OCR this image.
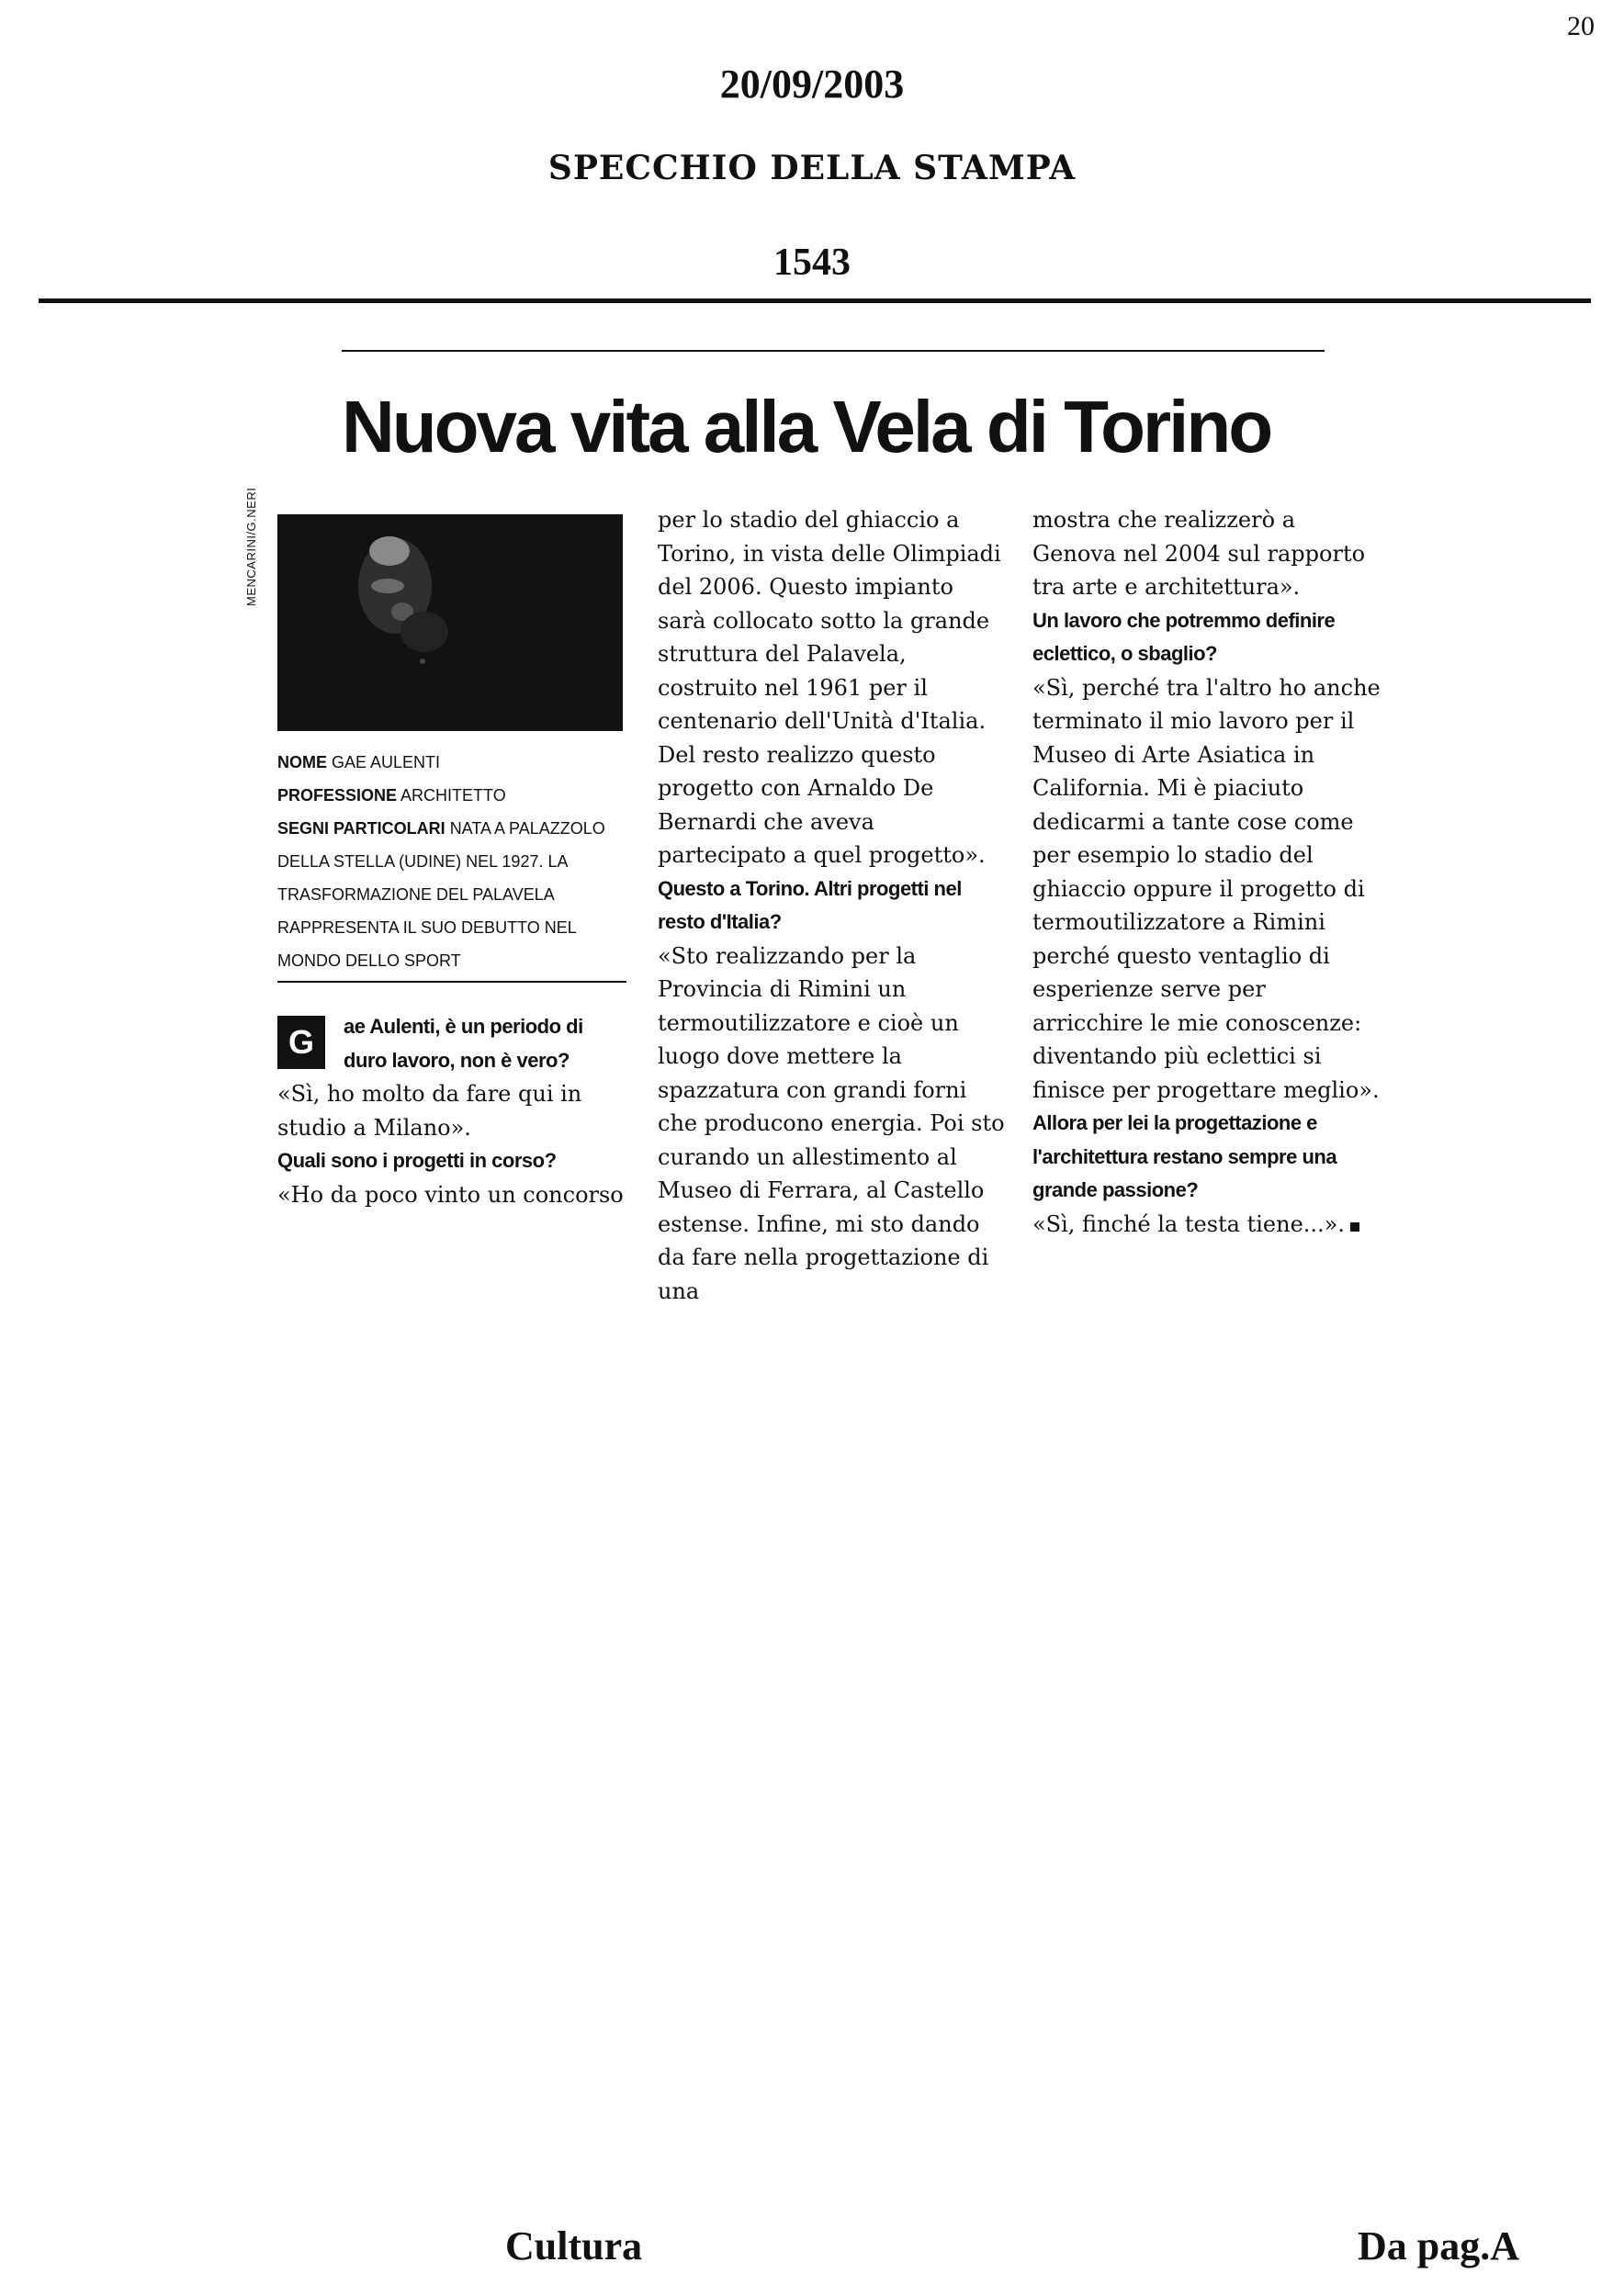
20
20/09/2003
SPECCHIO DELLA STAMPA
1543
Nuova vita alla Vela di Torino
MENCARINI/G.NERI
NOME GAE AULENTI
PROFESSIONE ARCHITETTO
SEGNI PARTICOLARI NATA A PALAZZOLO DELLA STELLA (UDINE) NEL 1927. LA TRASFORMAZIONE DEL PALAVELA RAPPRESENTA IL SUO DEBUTTO NEL MONDO DELLO SPORT
G	ae Aulenti, è un periodo di duro lavoro, non è vero?

«Sì, ho molto da fare qui in studio a Milano».

Quali sono i progetti in corso?

«Ho da poco vinto un concorso

per lo stadio del ghiaccio a Torino, in vista delle Olimpiadi del 2006. Questo impianto sarà collocato sotto la grande struttura del Palavela, costruito nel 1961 per il centenario dell'Unità d'Italia. Del resto realizzo questo progetto con Arnaldo De Bernardi che aveva partecipato a quel progetto».

Questo a Torino. Altri progetti nel resto d'Italia?

«Sto realizzando per la Provincia di Rimini un termoutilizzatore e cioè un luogo dove mettere la spazzatura con grandi forni che producono energia. Poi sto curando un allestimento al Museo di Ferrara, al Castello estense. Infine, mi sto dando da fare nella progettazione di una

mostra che realizzerò a Genova nel 2004 sul rapporto tra arte e architettura».

Un lavoro che potremmo definire eclettico, o sbaglio?

«Sì, perché tra l'altro ho anche terminato il mio lavoro per il Museo di Arte Asiatica in California. Mi è piaciuto dedicarmi a tante cose come per esempio lo stadio del ghiaccio oppure il progetto di termoutilizzatore a Rimini perché questo ventaglio di esperienze serve per arricchire le mie conoscenze: diventando più eclettici si finisce per progettare meglio».

Allora per lei la progettazione e l'architettura restano sempre una grande passione?

«Sì, finché la testa tiene...».

Cultura	Da pag.A
